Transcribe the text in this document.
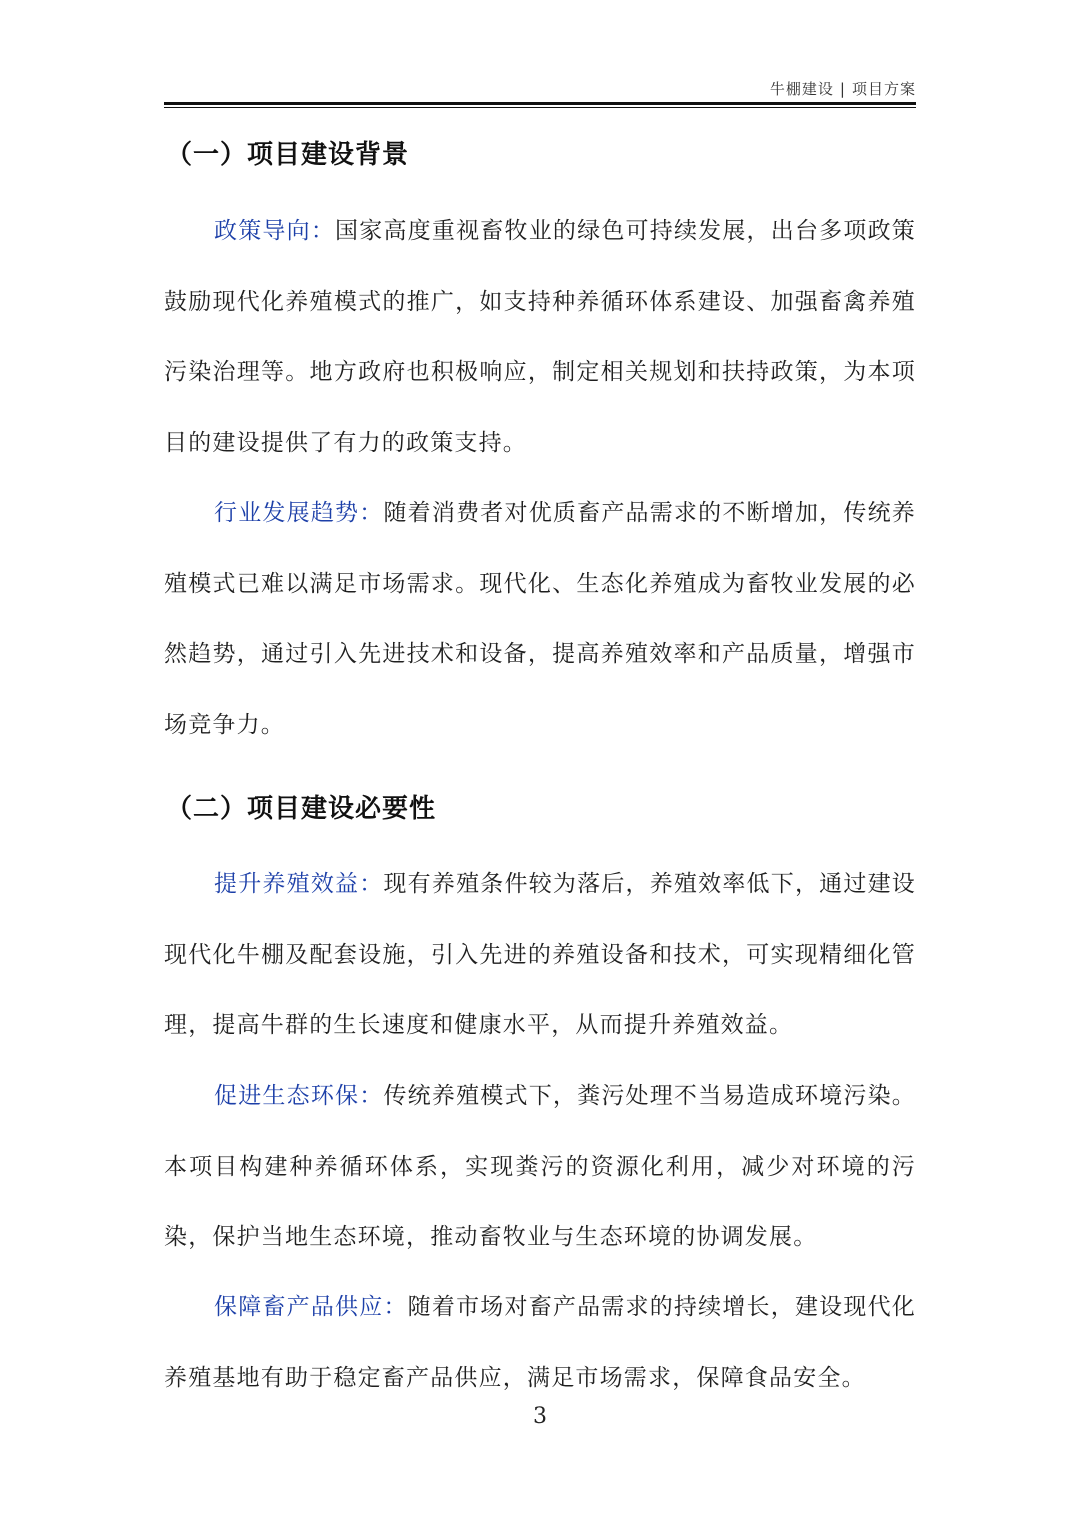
牛棚建设 | 项目方案
（一）项目建设背景

政策导向：国家高度重视畜牧业的绿色可持续发展，出台多项政策鼓励现代化养殖模式的推广，如支持种养循环体系建设、加强畜禽养殖污染治理等。地方政府也积极响应，制定相关规划和扶持政策，为本项目的建设提供了有力的政策支持。

行业发展趋势：随着消费者对优质畜产品需求的不断增加，传统养殖模式已难以满足市场需求。现代化、生态化养殖成为畜牧业发展的必然趋势，通过引入先进技术和设备，提高养殖效率和产品质量，增强市场竞争力。

（二）项目建设必要性

提升养殖效益：现有养殖条件较为落后，养殖效率低下，通过建设现代化牛棚及配套设施，引入先进的养殖设备和技术，可实现精细化管理，提高牛群的生长速度和健康水平，从而提升养殖效益。

促进生态环保：传统养殖模式下，粪污处理不当易造成环境污染。本项目构建种养循环体系，实现粪污的资源化利用，减少对环境的污染，保护当地生态环境，推动畜牧业与生态环境的协调发展。

保障畜产品供应：随着市场对畜产品需求的持续增长，建设现代化养殖基地有助于稳定畜产品供应，满足市场需求，保障食品安全。

3
